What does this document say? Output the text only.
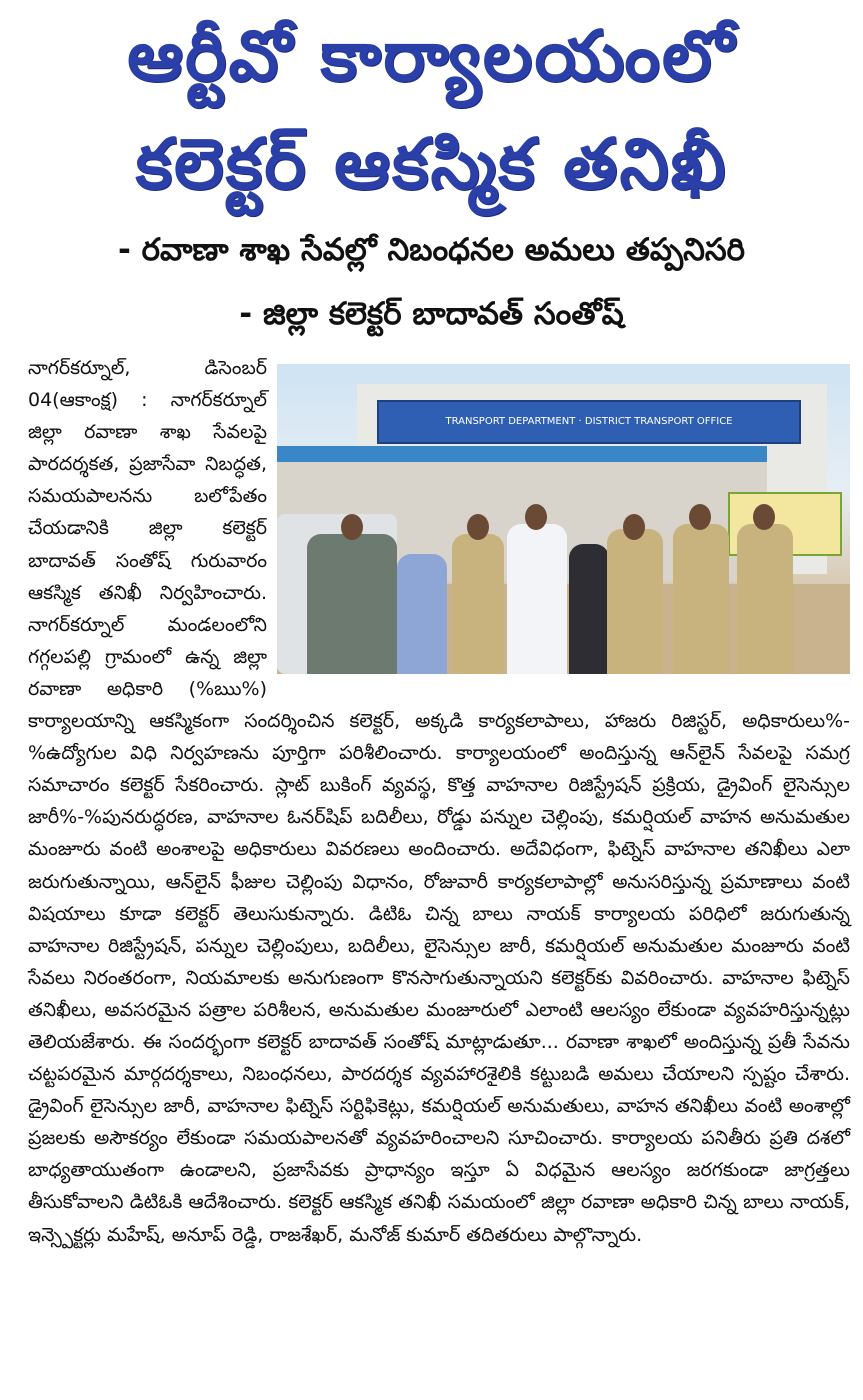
ఆర్టీవో కార్యాలయంలో
కలెక్టర్ ఆకస్మిక తనిఖీ
- రవాణా శాఖ సేవల్లో నిబంధనల అమలు తప్పనిసరి
- జిల్లా కలెక్టర్ బాదావత్ సంతోష్
TRANSPORT DEPARTMENT · DISTRICT TRANSPORT OFFICE

నాగర్‌కర్నూల్, డిసెంబర్ 04(ఆకాంక్ష) : నాగర్‌కర్నూల్ జిల్లా రవాణా శాఖ సేవలపై పారదర్శకత, ప్రజాసేవా నిబద్ధత, సమయపాలనను బలోపేతం చేయడానికి జిల్లా కలెక్టర్ బాదావత్ సంతోష్ గురువారం ఆకస్మిక తనిఖీ నిర్వహించారు. నాగర్‌కర్నూల్ మండలంలోని గగ్గలపల్లి గ్రామంలో ఉన్న జిల్లా రవాణా అధికారి (%ఋ%) కార్యాలయాన్ని ఆకస్మికంగా సందర్శించిన కలెక్టర్, అక్కడి కార్యకలాపాలు, హాజరు రిజిస్టర్, అధికారులు%-%ఉద్యోగుల విధి నిర్వహణను పూర్తిగా పరిశీలించారు. కార్యాలయంలో అందిస్తున్న ఆన్‌లైన్ సేవలపై సమగ్ర సమాచారం కలెక్టర్ సేకరించారు. స్లాట్ బుకింగ్ వ్యవస్థ, కొత్త వాహనాల రిజిస్ట్రేషన్ ప్రక్రియ, డ్రైవింగ్ లైసెన్సుల జారీ%-%పునరుద్ధరణ, వాహనాల ఓనర్‌షిప్ బదిలీలు, రోడ్డు పన్నుల చెల్లింపు, కమర్షియల్ వాహన అనుమతుల మంజూరు వంటి అంశాలపై అధికారులు వివరణలు అందించారు. అదేవిధంగా, ఫిట్నెస్ వాహనాల తనిఖీలు ఎలా జరుగుతున్నాయి, ఆన్‌లైన్ ఫీజుల చెల్లింపు విధానం, రోజువారీ కార్యకలాపాల్లో అనుసరిస్తున్న ప్రమాణాలు వంటి విషయాలు కూడా కలెక్టర్ తెలుసుకున్నారు. డిటిఓ చిన్న బాలు నాయక్ కార్యాలయ పరిధిలో జరుగుతున్న వాహనాల రిజిస్ట్రేషన్, పన్నుల చెల్లింపులు, బదిలీలు, లైసెన్సుల జారీ, కమర్షియల్ అనుమతుల మంజూరు వంటి సేవలు నిరంతరంగా, నియమాలకు అనుగుణంగా కొనసాగుతున్నాయని కలెక్టర్‌కు వివరించారు. వాహనాల ఫిట్నెస్ తనిఖీలు, అవసరమైన పత్రాల పరిశీలన, అనుమతుల మంజూరులో ఎలాంటి ఆలస్యం లేకుండా వ్యవహరిస్తున్నట్లు తెలియజేశారు. ఈ సందర్భంగా కలెక్టర్ బాదావత్ సంతోష్ మాట్లాడుతూ... రవాణా శాఖలో అందిస్తున్న ప్రతీ సేవను చట్టపరమైన మార్గదర్శకాలు, నిబంధనలు, పారదర్శక వ్యవహారశైలికి కట్టుబడి అమలు చేయాలని స్పష్టం చేశారు. డ్రైవింగ్ లైసెన్సుల జారీ, వాహనాల ఫిట్నెస్ సర్టిఫికెట్లు, కమర్షియల్ అనుమతులు, వాహన తనిఖీలు వంటి అంశాల్లో ప్రజలకు అసౌకర్యం లేకుండా సమయపాలనతో వ్యవహరించాలని సూచించారు. కార్యాలయ పనితీరు ప్రతి దశలో బాధ్యతాయుతంగా ఉండాలని, ప్రజాసేవకు ప్రాధాన్యం ఇస్తూ ఏ విధమైన ఆలస్యం జరగకుండా జాగ్రత్తలు తీసుకోవాలని డిటిఓకి ఆదేశించారు. కలెక్టర్ ఆకస్మిక తనిఖీ సమయంలో జిల్లా రవాణా అధికారి చిన్న బాలు నాయక్, ఇన్స్పెక్టర్లు మహేష్, అనూప్ రెడ్డి, రాజశేఖర్, మనోజ్ కుమార్ తదితరులు పాల్గొన్నారు.
